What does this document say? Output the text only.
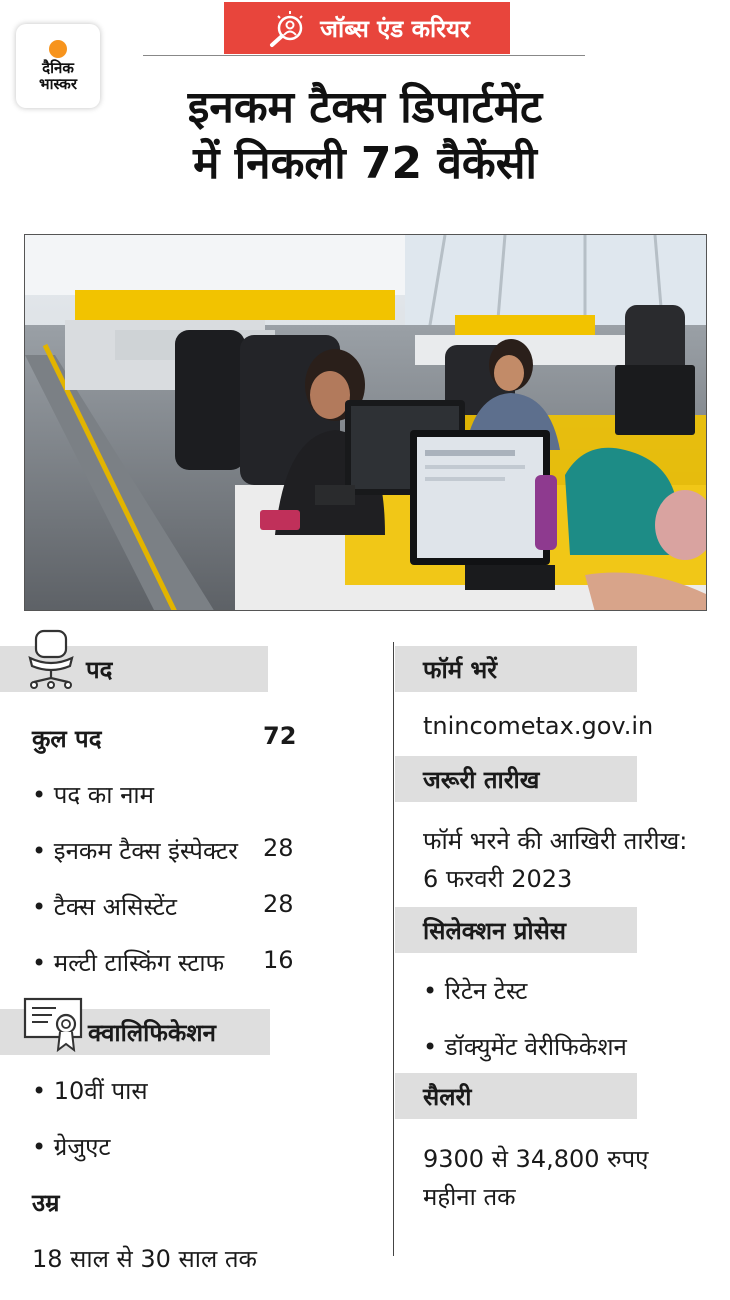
दैनिक
भास्कर
जॉब्स एंड करियर
इनकम टैक्स डिपार्टमेंट
में निकली 72 वैकेंसी
पद
कुल पद	72
• पद का नाम
• इनकम टैक्स इंस्पेक्टर 28
• टैक्स असिस्टेंट	28
• मल्टी टास्किंग स्टाफ 16
क्वालिफिकेशन
• 10वीं पास
• ग्रेजुएट
उम्र
18 साल से 30 साल तक
फॉर्म भरें
tnincometax.gov.in
जरूरी तारीख
फॉर्म भरने की आखिरी तारीख:
6 फरवरी 2023
सिलेक्शन प्रोसेस
• रिटेन टेस्ट
• डॉक्युमेंट वेरीफिकेशन
सैलरी
9300 से 34,800 रुपए
महीना तक
